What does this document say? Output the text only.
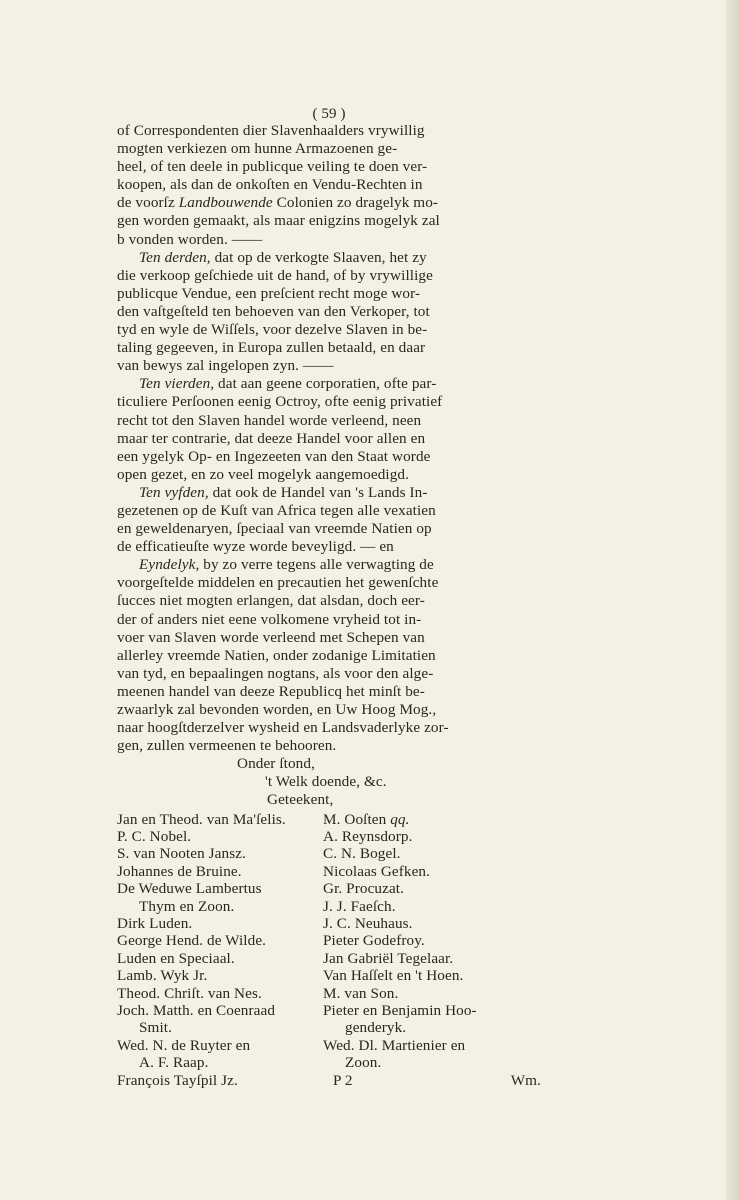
( 59 )

of Correspondenten dier Slavenhaalders vrywillig
mogten verkiezen om hunne Armazoenen ge-
heel, of ten deele in publicque veiling te doen ver-
koopen, als dan de onkoſten en Vendu-Rechten in
de voorſz Landbouwende Colonien zo dragelyk mo-
gen worden gemaakt, als maar enigzins mogelyk zal
b vonden worden. ——

Ten derden, dat op de verkogte Slaaven, het zy
die verkoop geſchiede uit de hand, of by vrywillige
publicque Vendue, een preſcient recht moge wor-
den vaſtgeſteld ten behoeven van den Verkoper, tot
tyd en wyle de Wiſſels, voor dezelve Slaven in be-
taling gegeeven, in Europa zullen betaald, en daar
van bewys zal ingelopen zyn. ——

Ten vierden, dat aan geene corporatien, ofte par-
ticuliere Perſoonen eenig Octroy, ofte eenig privatief
recht tot den Slaven handel worde verleend, neen
maar ter contrarie, dat deeze Handel voor allen en
een ygelyk Op- en Ingezeeten van den Staat worde
open gezet, en zo veel mogelyk aangemoedigd.

Ten vyfden, dat ook de Handel van 's Lands In-
gezetenen op de Kuſt van Africa tegen alle vexatien
en geweldenaryen, ſpeciaal van vreemde Natien op
de efficatieuſte wyze worde beveyligd. — en

Eyndelyk, by zo verre tegens alle verwagting de
voorgeſtelde middelen en precautien het gewenſchte
ſucces niet mogten erlangen, dat alsdan, doch eer-
der of anders niet eene volkomene vryheid tot in-
voer van Slaven worde verleend met Schepen van
allerley vreemde Natien, onder zodanige Limitatien
van tyd, en bepaalingen nogtans, als voor den alge-
meenen handel van deeze Republicq het minſt be-
zwaarlyk zal bevonden worden, en Uw Hoog Mog.,
naar hoogſtderzelver wysheid en Landsvaderlyke zor-
gen, zullen vermeenen te behooren.

Onder ſtond,
't Welk doende, &c.
Geteekent,
Jan en Theod. van Ma'ſelis.
P. C. Nobel.
S. van Nooten Jansz.
Johannes de Bruine.
De Weduwe Lambertus
Thym en Zoon.
Dirk Luden.
George Hend. de Wilde.
Luden en Speciaal.
Lamb. Wyk Jr.
Theod. Chriſt. van Nes.
Joch. Matth. en Coenraad
Smit.
Wed. N. de Ruyter en
A. F. Raap.
François Tayſpil Jz.
M. Ooſten qq.
A. Reynsdorp.
C. N. Bogel.
Nicolaas Gefken.
Gr. Procuzat.
J. J. Faeſch.
J. C. Neuhaus.
Pieter Godefroy.
Jan Gabriël Tegelaar.
Van Haſſelt en 't Hoen.
M. van Son.
Pieter en Benjamin Hoo-
genderyk.
Wed. Dl. Martienier en
Zoon.
P 2	Wm.
